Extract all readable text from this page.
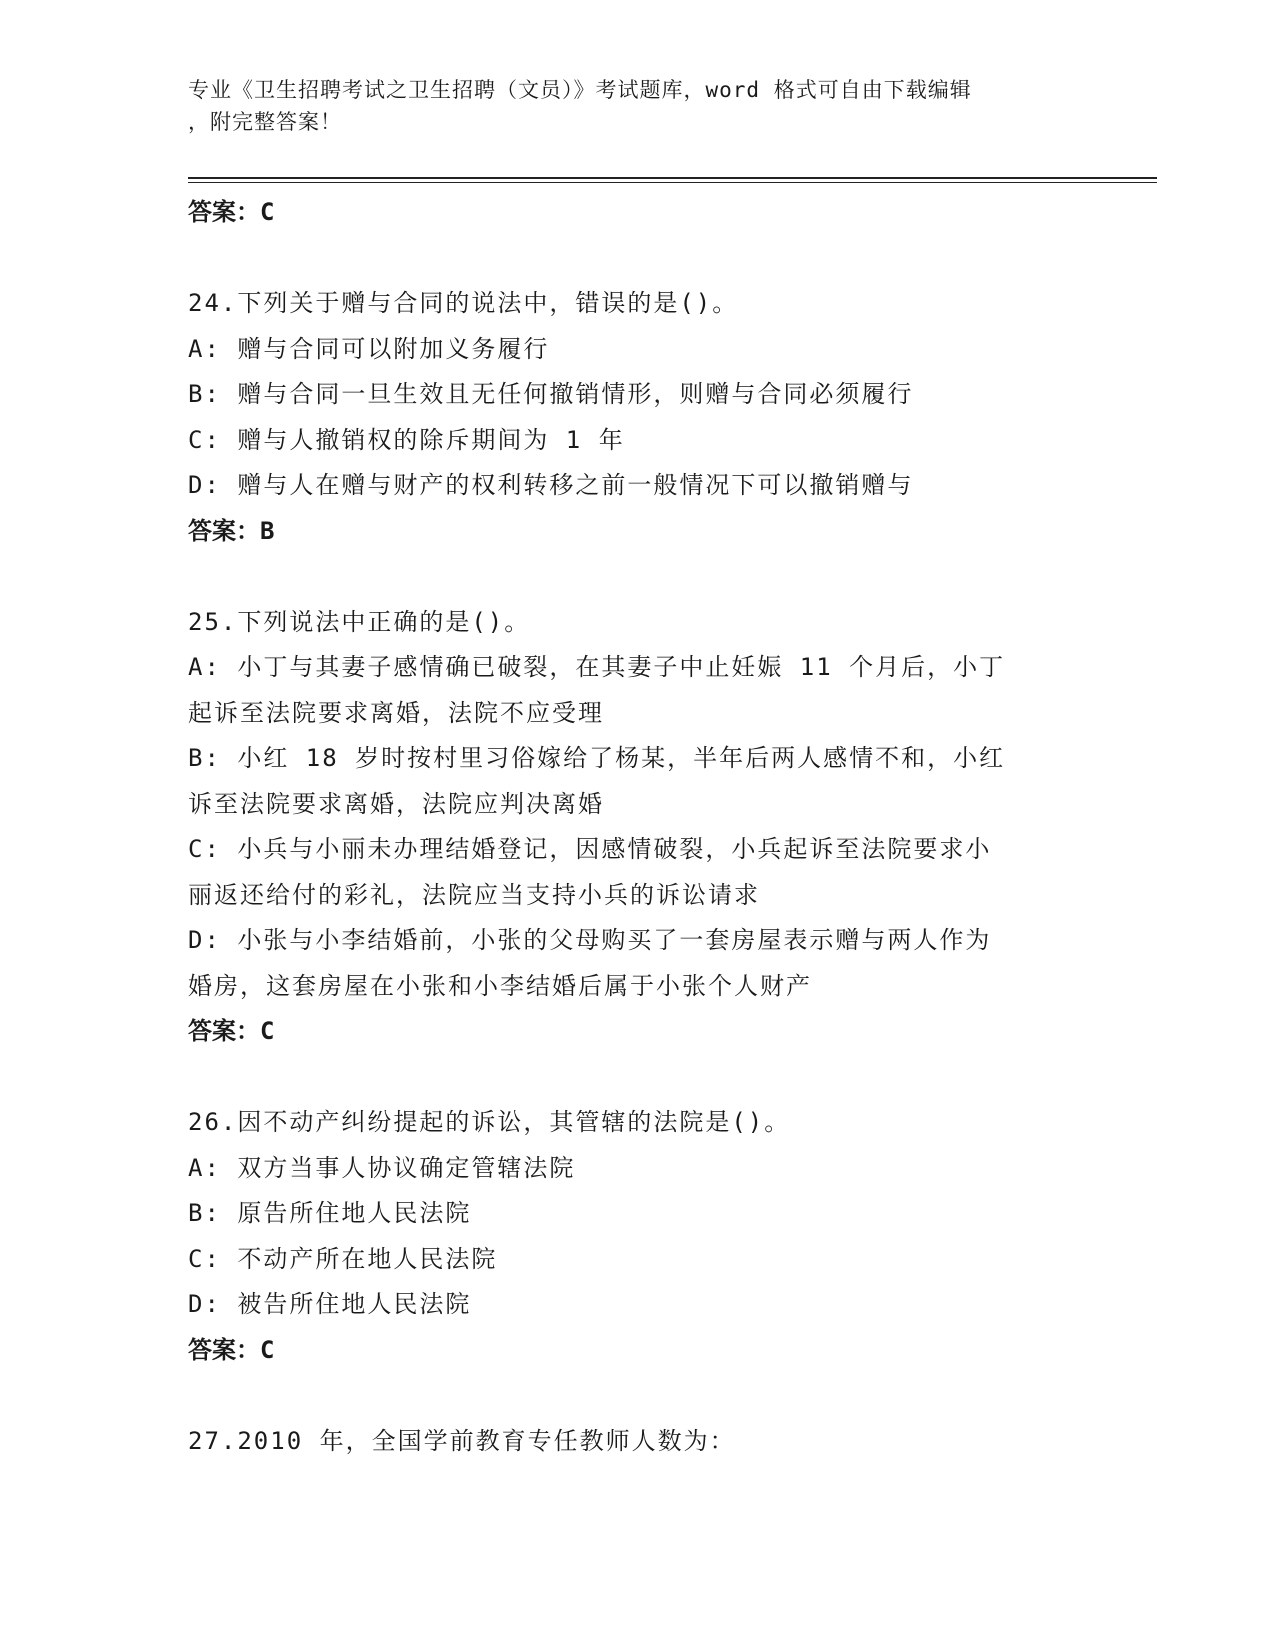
专业《卫生招聘考试之卫生招聘（文员）》考试题库，word 格式可自由下载编辑
，附完整答案！
答案：C
24.下列关于赠与合同的说法中，错误的是()。
A: 赠与合同可以附加义务履行
B: 赠与合同一旦生效且无任何撤销情形，则赠与合同必须履行
C: 赠与人撤销权的除斥期间为 1 年
D: 赠与人在赠与财产的权利转移之前一般情况下可以撤销赠与
答案：B
25.下列说法中正确的是()。
A: 小丁与其妻子感情确已破裂，在其妻子中止妊娠 11 个月后，小丁
起诉至法院要求离婚，法院不应受理
B: 小红 18 岁时按村里习俗嫁给了杨某，半年后两人感情不和，小红
诉至法院要求离婚，法院应判决离婚
C: 小兵与小丽未办理结婚登记，因感情破裂，小兵起诉至法院要求小
丽返还给付的彩礼，法院应当支持小兵的诉讼请求
D: 小张与小李结婚前，小张的父母购买了一套房屋表示赠与两人作为
婚房，这套房屋在小张和小李结婚后属于小张个人财产
答案：C
26.因不动产纠纷提起的诉讼，其管辖的法院是()。
A: 双方当事人协议确定管辖法院
B: 原告所住地人民法院
C: 不动产所在地人民法院
D: 被告所住地人民法院
答案：C
27.2010 年，全国学前教育专任教师人数为：
